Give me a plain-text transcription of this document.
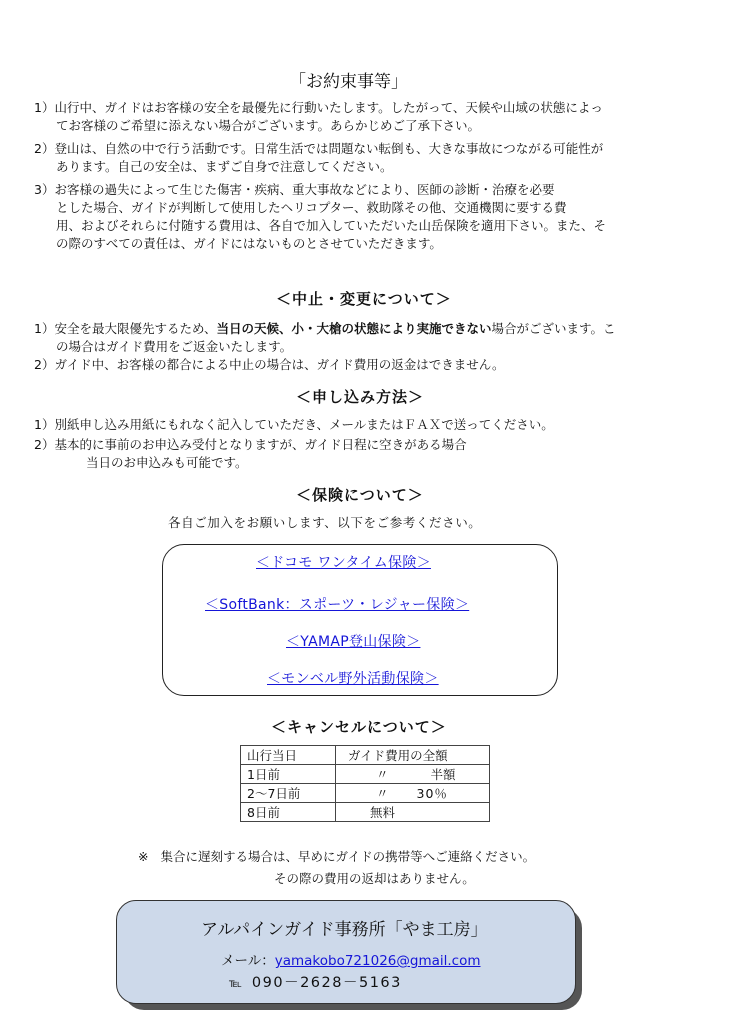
「お約束事等」
1）山行中、ガイドはお客様の安全を最優先に行動いたします。したがって、天候や山域の状態によっ
てお客様のご希望に添えない場合がございます。あらかじめご了承下さい。
2）登山は、自然の中で行う活動です。日常生活では問題ない転倒も、大きな事故につながる可能性が
あります。自己の安全は、まずご自身で注意してください。
3）お客様の過失によって生じた傷害・疾病、重大事故などにより、医師の診断・治療を必要
とした場合、ガイドが判断して使用したヘリコプター、救助隊その他、交通機関に要する費
用、およびそれらに付随する費用は、各自で加入していただいた山岳保険を適用下さい。また、そ
の際のすべての責任は、ガイドにはないものとさせていただきます。
＜中止・変更について＞
1）安全を最大限優先するため、当日の天候、小・大槍の状態により実施できない場合がございます。こ
の場合はガイド費用をご返金いたします。
2）ガイド中、お客様の都合による中止の場合は、ガイド費用の返金はできません。
＜申し込み方法＞
1）別紙申し込み用紙にもれなく記入していただき、メールまたはＦＡＸで送ってください。
2）基本的に事前のお申込み受付となりますが、ガイド日程に空きがある場合
当日のお申込みも可能です。
＜保険について＞
各自ご加入をお願いします、以下をご参考ください。
＜ドコモ ワンタイム保険＞
＜SoftBank：スポーツ・レジャー保険＞
＜YAMAP登山保険＞
＜モンベル野外活動保険＞
＜キャンセルについて＞
山行当日	ガイド費用の全額
1日前	〃 半額
2～7日前	〃 30％
8日前	無料
※ 集合に遅刻する場合は、早めにガイドの携帯等へご連絡ください。
その際の費用の返却はありません。
アルパインガイド事務所「やま工房」
メール：yamakobo721026@gmail.com
℡ 090－2628－5163
